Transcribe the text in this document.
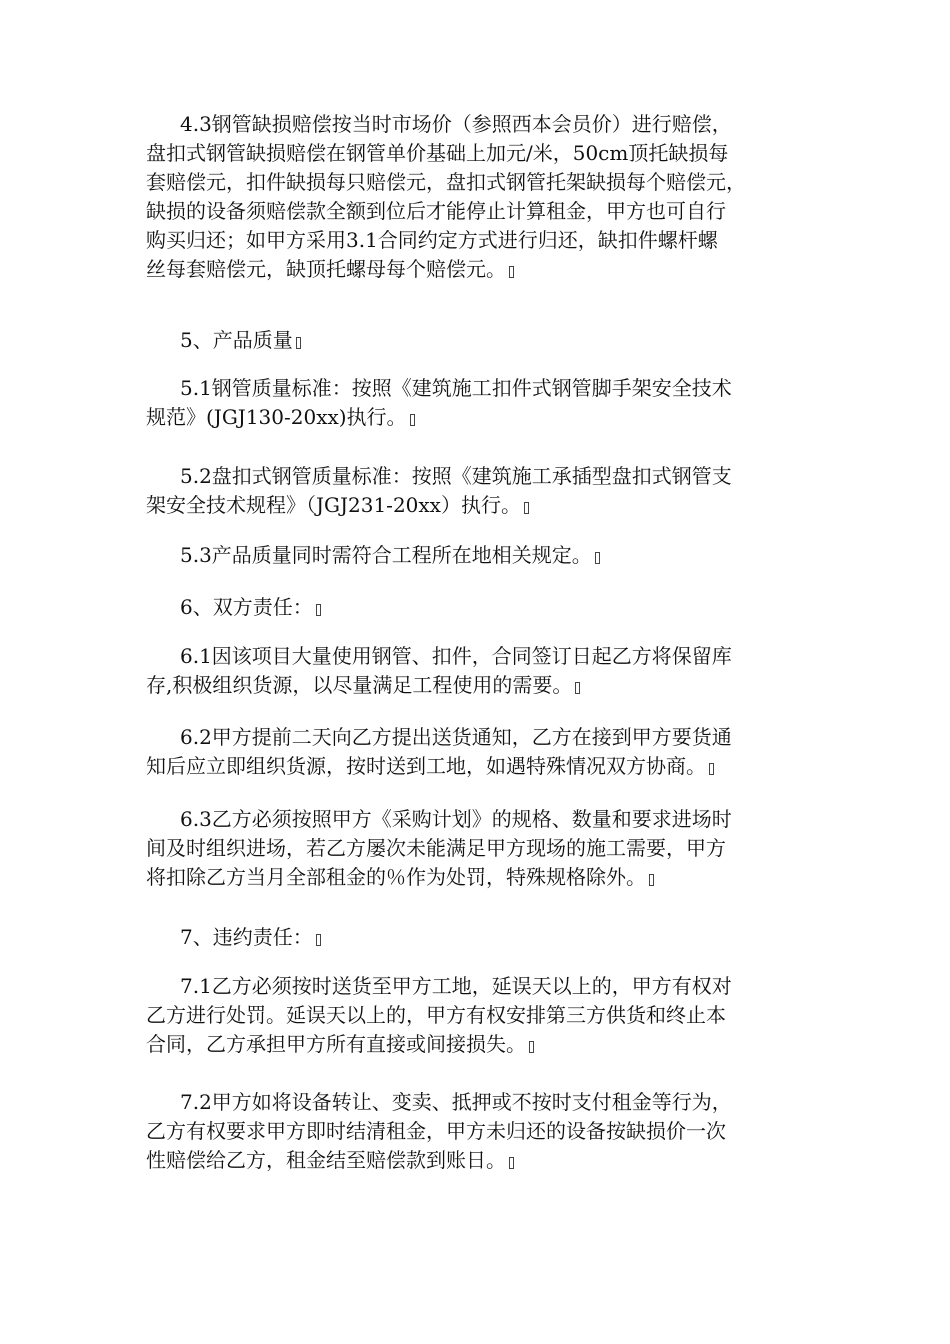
4.3钢管缺损赔偿按当时市场价（参照西本会员价）进行赔偿，
盘扣式钢管缺损赔偿在钢管单价基础上加元/米，50cm顶托缺损每
套赔偿元，扣件缺损每只赔偿元，盘扣式钢管托架缺损每个赔偿元，
缺损的设备须赔偿款全额到位后才能停止计算租金，甲方也可自行
购买归还；如甲方采用3.1合同约定方式进行归还，缺扣件螺杆螺
丝每套赔偿元，缺顶托螺母每个赔偿元。

5、产品质量

5.1钢管质量标准：按照《建筑施工扣件式钢管脚手架安全技术
规范》(JGJ130-20xx)执行。

5.2盘扣式钢管质量标准：按照《建筑施工承插型盘扣式钢管支
架安全技术规程》（JGJ231-20xx）执行。

5.3产品质量同时需符合工程所在地相关规定。

6、双方责任：

6.1因该项目大量使用钢管、扣件，合同签订日起乙方将保留库
存,积极组织货源，以尽量满足工程使用的需要。

6.2甲方提前二天向乙方提出送货通知，乙方在接到甲方要货通
知后应立即组织货源，按时送到工地，如遇特殊情况双方协商。

6.3乙方必须按照甲方《采购计划》的规格、数量和要求进场时
间及时组织进场，若乙方屡次未能满足甲方现场的施工需要，甲方
将扣除乙方当月全部租金的％作为处罚，特殊规格除外。

7、违约责任：

7.1乙方必须按时送货至甲方工地，延误天以上的，甲方有权对
乙方进行处罚。延误天以上的，甲方有权安排第三方供货和终止本
合同，乙方承担甲方所有直接或间接损失。

7.2甲方如将设备转让、变卖、抵押或不按时支付租金等行为，
乙方有权要求甲方即时结清租金，甲方未归还的设备按缺损价一次
性赔偿给乙方，租金结至赔偿款到账日。
